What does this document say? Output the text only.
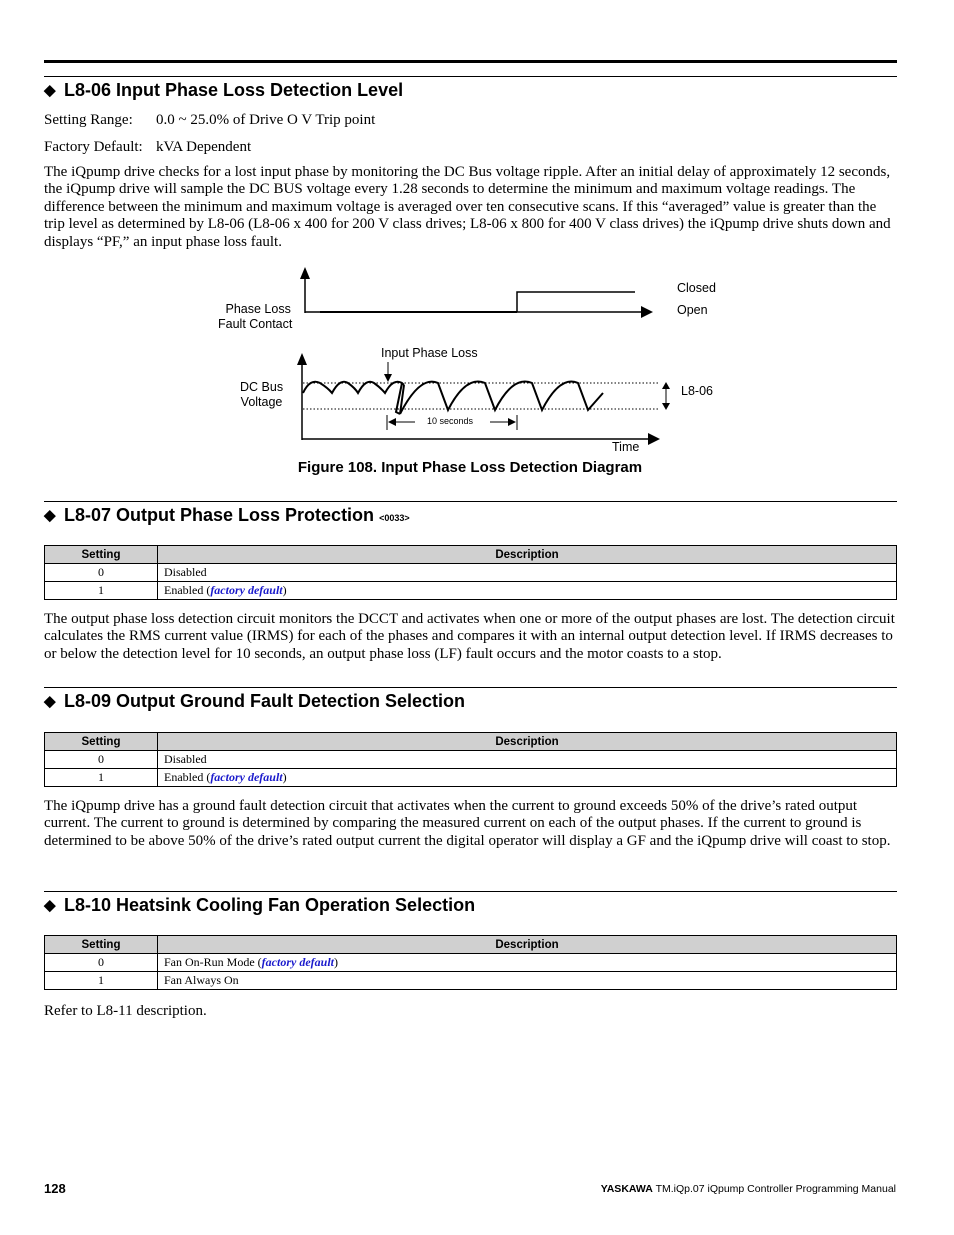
◆ L8-06 Input Phase Loss Detection Level
Setting Range: 0.0 ~ 25.0% of Drive O V Trip point
Factory Default: kVA Dependent
The iQpump drive checks for a lost input phase by monitoring the DC Bus voltage ripple. After an initial delay of approximately 12 seconds, the iQpump drive will sample the DC BUS voltage every 1.28 seconds to determine the minimum and maximum voltage readings. The difference between the minimum and maximum voltage is averaged over ten consecutive scans. If this “averaged” value is greater than the trip level as determined by L8-06 (L8-06 x 400 for 200 V class drives; L8-06 x 800 for 400 V class drives) the iQpump drive shuts down and displays “PF,” an input phase loss fault.
Phase Loss
Fault Contact
Closed
Open
Input Phase Loss
DC Bus
Voltage
L8-06
10 seconds
Time
Figure 108. Input Phase Loss Detection Diagram
◆ L8-07 Output Phase Loss Protection <0033>
Setting	Description
0	Disabled
1	Enabled (factory default)
The output phase loss detection circuit monitors the DCCT and activates when one or more of the output phases are lost. The detection circuit calculates the RMS current value (IRMS) for each of the phases and compares it with an internal output detection level. If IRMS decreases to or below the detection level for 10 seconds, an output phase loss (LF) fault occurs and the motor coasts to a stop.
◆ L8-09 Output Ground Fault Detection Selection
Setting	Description
0	Disabled
1	Enabled (factory default)
The iQpump drive has a ground fault detection circuit that activates when the current to ground exceeds 50% of the drive’s rated output current. The current to ground is determined by comparing the measured current on each of the output phases. If the current to ground is determined to be above 50% of the drive’s rated output current the digital operator will display a GF and the iQpump drive will coast to stop.
◆ L8-10 Heatsink Cooling Fan Operation Selection
Setting	Description
0	Fan On-Run Mode (factory default)
1	Fan Always On
Refer to L8-11 description.
128	YASKAWA TM.iQp.07 iQpump Controller Programming Manual
